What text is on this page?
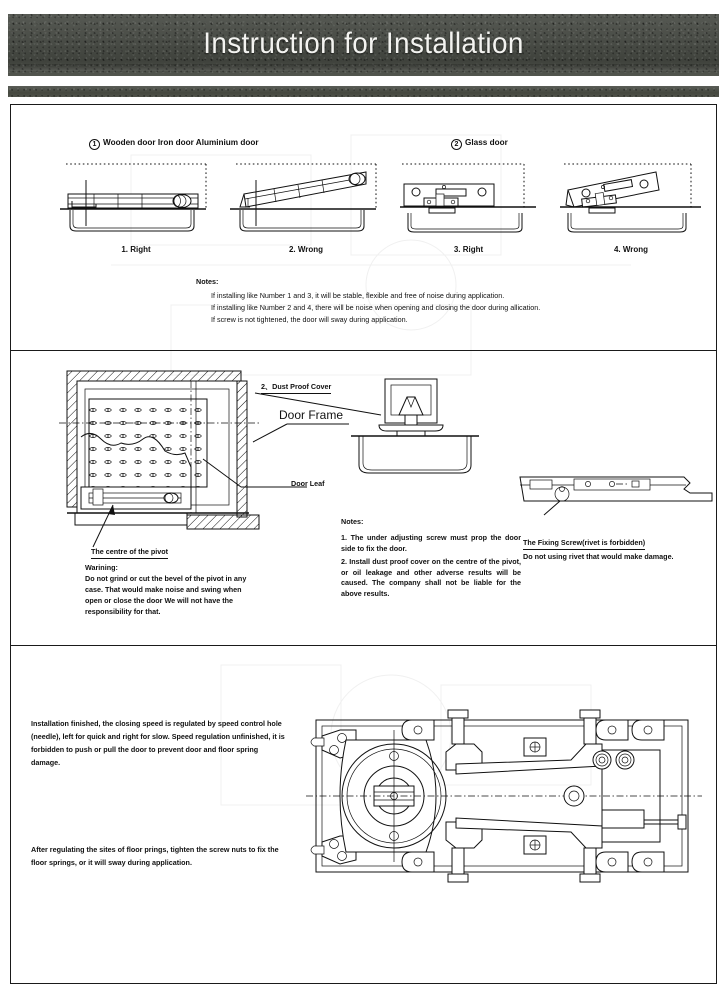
Instruction for Installation
1 Wooden door Iron door Aluminium door	2 Glass door
1. Right	2. Wrong	3. Right	4. Wrong
Notes:
If installing like Number 1 and 3, it will be stable, flexible and free of noise during application.
If installing like Number 2 and 4, there will be noise when opening and closing the door during allication.
If screw is not tightened, the door will sway during application.
The centre of the pivot
Warining:
Do not grind or cut the bevel of the pivot in any
case. That would make noise and swing when
open or close the door We will not have the
responsibility for that.
2、Dust Proof Cover
Door Frame
Door Leaf
Notes:
1. The under adjusting screw must prop the door side to fix the door.
2. Install dust proof cover on the centre of the pivot, or oil leakage and other adverse results will be caused. The company shall not be liable for the above results.
The Fixing Screw(rivet is forbidden)
Do not using rivet that would make damage.
Installation finished, the closing speed is regulated by speed control hole (needle), left for quick and right for slow. Speed regulation unfinished, it is forbidden to push or pull the door to prevent door and floor spring damage.
After regulating the sites of floor prings, tighten the screw nuts to fix the floor springs, or it will sway during application.
